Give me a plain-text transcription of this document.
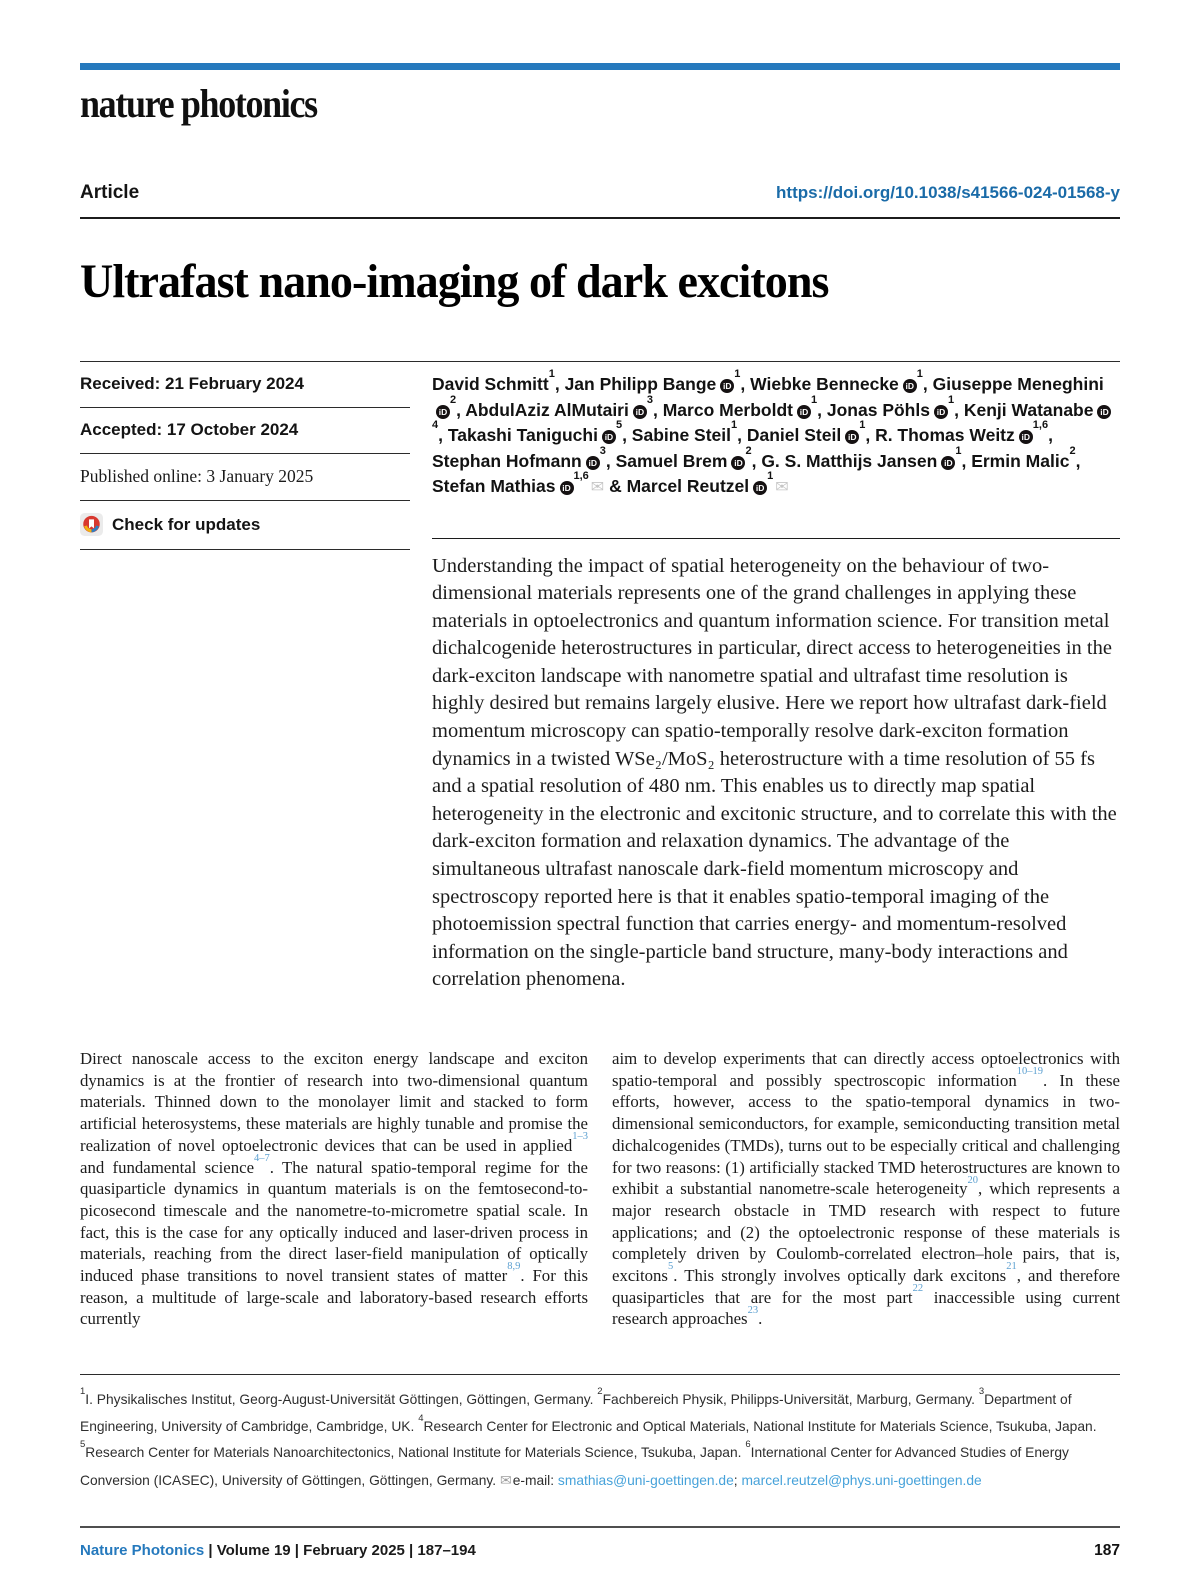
nature photonics
Article	https://doi.org/10.1038/s41566-024-01568-y
Ultrafast nano-imaging of dark excitons
Received: 21 February 2024
Accepted: 17 October 2024
Published online: 3 January 2025
Check for updates
David Schmitt$^1$, Jan Philipp Bange $iD^1$, Wiebke Bennecke $iD^1$, Giuseppe MeneghiniiD$^2$, AbdulAziz AlMutairi $iD^3$, Marco Merboldt $iD^1$, Jonas Pöhls $iD^1$, Kenji Watanabe $iD^4$, Takashi Taniguchi $iD^5$, Sabine Steil$^1$, Daniel Steil $iD^1$, R. Thomas Weitz iD$^{1,6}$, Stephan Hofmann $iD^3$, Samuel Brem $iD^2$, G. S. Matthijs Jansen $iD^1$, Ermin Malic$^2$, Stefan Mathias iD$^{1,6}$✉ & Marcel Reutzel $iD^1✉$
Understanding the impact of spatial heterogeneity on the behaviour of two-dimensional materials represents one of the grand challenges in applying these materials in optoelectronics and quantum information science. For transition metal dichalcogenide heterostructures in particular, direct access to heterogeneities in the dark-exciton landscape with nanometre spatial and ultrafast time resolution is highly desired but remains largely elusive. Here we report how ultrafast dark-field momentum microscopy can spatio-temporally resolve dark-exciton formation dynamics in a twisted WSe₂/MoS₂ heterostructure with a time resolution of 55 fs and a spatial resolution of 480 nm. This enables us to directly map spatial heterogeneity in the electronic and excitonic structure, and to correlate this with the dark-exciton formation and relaxation dynamics. The advantage of the simultaneous ultrafast nanoscale dark-field momentum microscopy and spectroscopy reported here is that it enables spatio-temporal imaging of the photoemission spectral function that carries energy- and momentum-resolved information on the single-particle band structure, many-body interactions and correlation phenomena.

Direct nanoscale access to the exciton energy landscape and exciton dynamics is at the frontier of research into two-dimensional quantum materials. Thinned down to the monolayer limit and stacked to form artificial heterosystems, these materials are highly tunable and promise the realization of novel optoelectronic devices that can be used in applied$^{1-3}$ and fundamental science$^{4-7}$. The natural spatio-temporal regime for the quasiparticle dynamics in quantum materials is on the femtosecond-to-picosecond timescale and the nanometre-to-micrometre spatial scale. In fact, this is the case for any optically induced and laser-driven process in materials, reaching from the direct laser-field manipulation of optically induced phase transitions to novel transient states of matter$^{8,9}$. For this reason, a multitude of large-scale and laboratory-based research efforts currently

aim to develop experiments that can directly access optoelectronics with spatio-temporal and possibly spectroscopic information$^{10-19}$. In these efforts, however, access to the spatio-temporal dynamics in two-dimensional semiconductors, for example, semiconducting transition metal dichalcogenides (TMDs), turns out to be especially critical and challenging for two reasons: (1) artificially stacked TMD heterostructures are known to exhibit a substantial nanometre-scale heterogeneity$^{20}$, which represents a major research obstacle in TMD research with respect to future applications; and (2) the optoelectronic response of these materials is completely driven by Coulomb-correlated electron–hole pairs, that is, excitons$^5$. This strongly involves optically dark excitons$^{21}$, and therefore quasiparticles that are for the most part$^{22}$ inaccessible using current research approaches$^{23}$.

$^1$I. Physikalisches Institut, Georg-August-Universität Göttingen, Göttingen, Germany. $^2$Fachbereich Physik, Philipps-Universität, Marburg, Germany. $^3$Department of Engineering, University of Cambridge, Cambridge, UK. $^4$Research Center for Electronic and Optical Materials, National Institute for Materials Science, Tsukuba, Japan. $^5$Research Center for Materials Nanoarchitectonics, National Institute for Materials Science, Tsukuba, Japan. $^6$International Center for Advanced Studies of Energy Conversion (ICASEC), University of Göttingen, Göttingen, Germany. ✉e-mail: smathias@uni-goettingen.de; marcel.reutzel@phys.uni-goettingen.de
Nature Photonics | Volume 19 | February 2025 | 187–194	187
